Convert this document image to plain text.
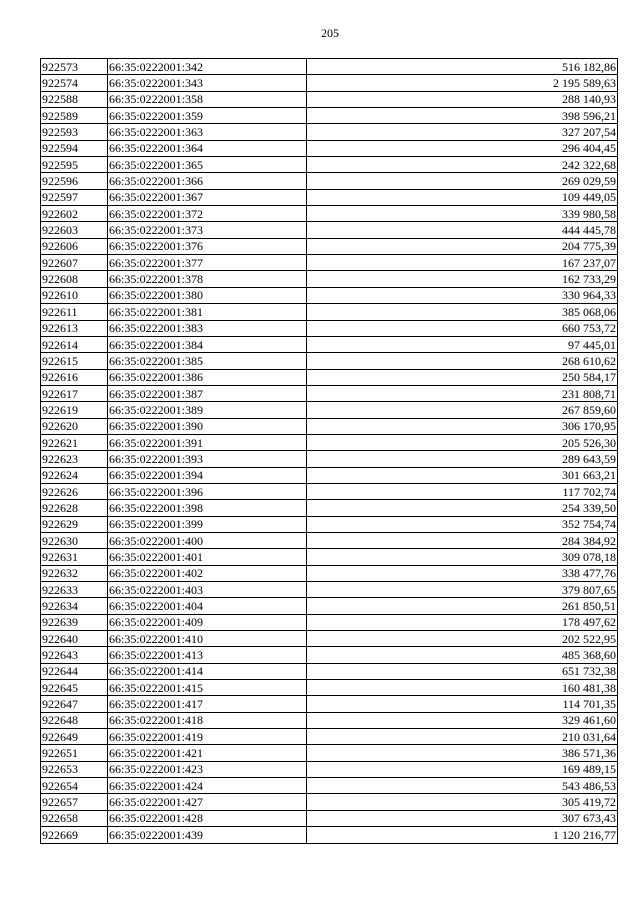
205
922573	66:35:0222001:342	516 182,86
922574	66:35:0222001:343	2 195 589,63
922588	66:35:0222001:358	288 140,93
922589	66:35:0222001:359	398 596,21
922593	66:35:0222001:363	327 207,54
922594	66:35:0222001:364	296 404,45
922595	66:35:0222001:365	242 322,68
922596	66:35:0222001:366	269 029,59
922597	66:35:0222001:367	109 449,05
922602	66:35:0222001:372	339 980,58
922603	66:35:0222001:373	444 445,78
922606	66:35:0222001:376	204 775,39
922607	66:35:0222001:377	167 237,07
922608	66:35:0222001:378	162 733,29
922610	66:35:0222001:380	330 964,33
922611	66:35:0222001:381	385 068,06
922613	66:35:0222001:383	660 753,72
922614	66:35:0222001:384	97 445,01
922615	66:35:0222001:385	268 610,62
922616	66:35:0222001:386	250 584,17
922617	66:35:0222001:387	231 808,71
922619	66:35:0222001:389	267 859,60
922620	66:35:0222001:390	306 170,95
922621	66:35:0222001:391	205 526,30
922623	66:35:0222001:393	289 643,59
922624	66:35:0222001:394	301 663,21
922626	66:35:0222001:396	117 702,74
922628	66:35:0222001:398	254 339,50
922629	66:35:0222001:399	352 754,74
922630	66:35:0222001:400	284 384,92
922631	66:35:0222001:401	309 078,18
922632	66:35:0222001:402	338 477,76
922633	66:35:0222001:403	379 807,65
922634	66:35:0222001:404	261 850,51
922639	66:35:0222001:409	178 497,62
922640	66:35:0222001:410	202 522,95
922643	66:35:0222001:413	485 368,60
922644	66:35:0222001:414	651 732,38
922645	66:35:0222001:415	160 481,38
922647	66:35:0222001:417	114 701,35
922648	66:35:0222001:418	329 461,60
922649	66:35:0222001:419	210 031,64
922651	66:35:0222001:421	386 571,36
922653	66:35:0222001:423	169 489,15
922654	66:35:0222001:424	543 486,53
922657	66:35:0222001:427	305 419,72
922658	66:35:0222001:428	307 673,43
922669	66:35:0222001:439	1 120 216,77
